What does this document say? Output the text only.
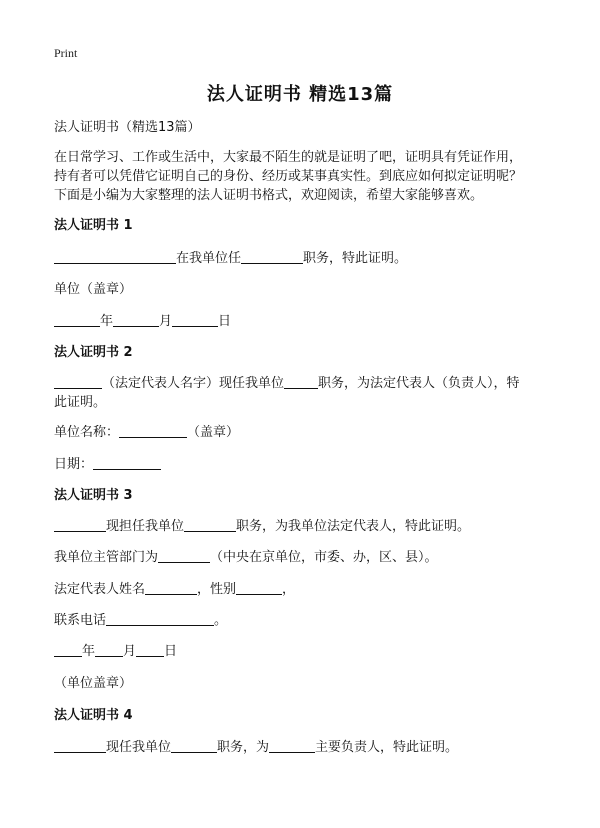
Print
法人证明书 精选13篇
法人证明书（精选13篇）
在日常学习、工作或生活中，大家最不陌生的就是证明了吧，证明具有凭证作用，
持有者可以凭借它证明自己的身份、经历或某事真实性。到底应如何拟定证明呢？
下面是小编为大家整理的法人证明书格式，欢迎阅读，希望大家能够喜欢。
法人证明书 1
在我单位任	职务，特此证明。
单位（盖章）
年	月	日
法人证明书 2
（法定代表人名字）现任我单位	职务，为法定代表人（负责人），特
此证明。
单位名称：	（盖章）
日期：
法人证明书 3
现担任我单位	职务，为我单位法定代表人，特此证明。
我单位主管部门为	（中央在京单位，市委、办，区、县）。
法定代表人姓名	，性别	，
联系电话	。
年 月 日
（单位盖章）
法人证明书 4
现任我单位	职务，为	主要负责人，特此证明。
